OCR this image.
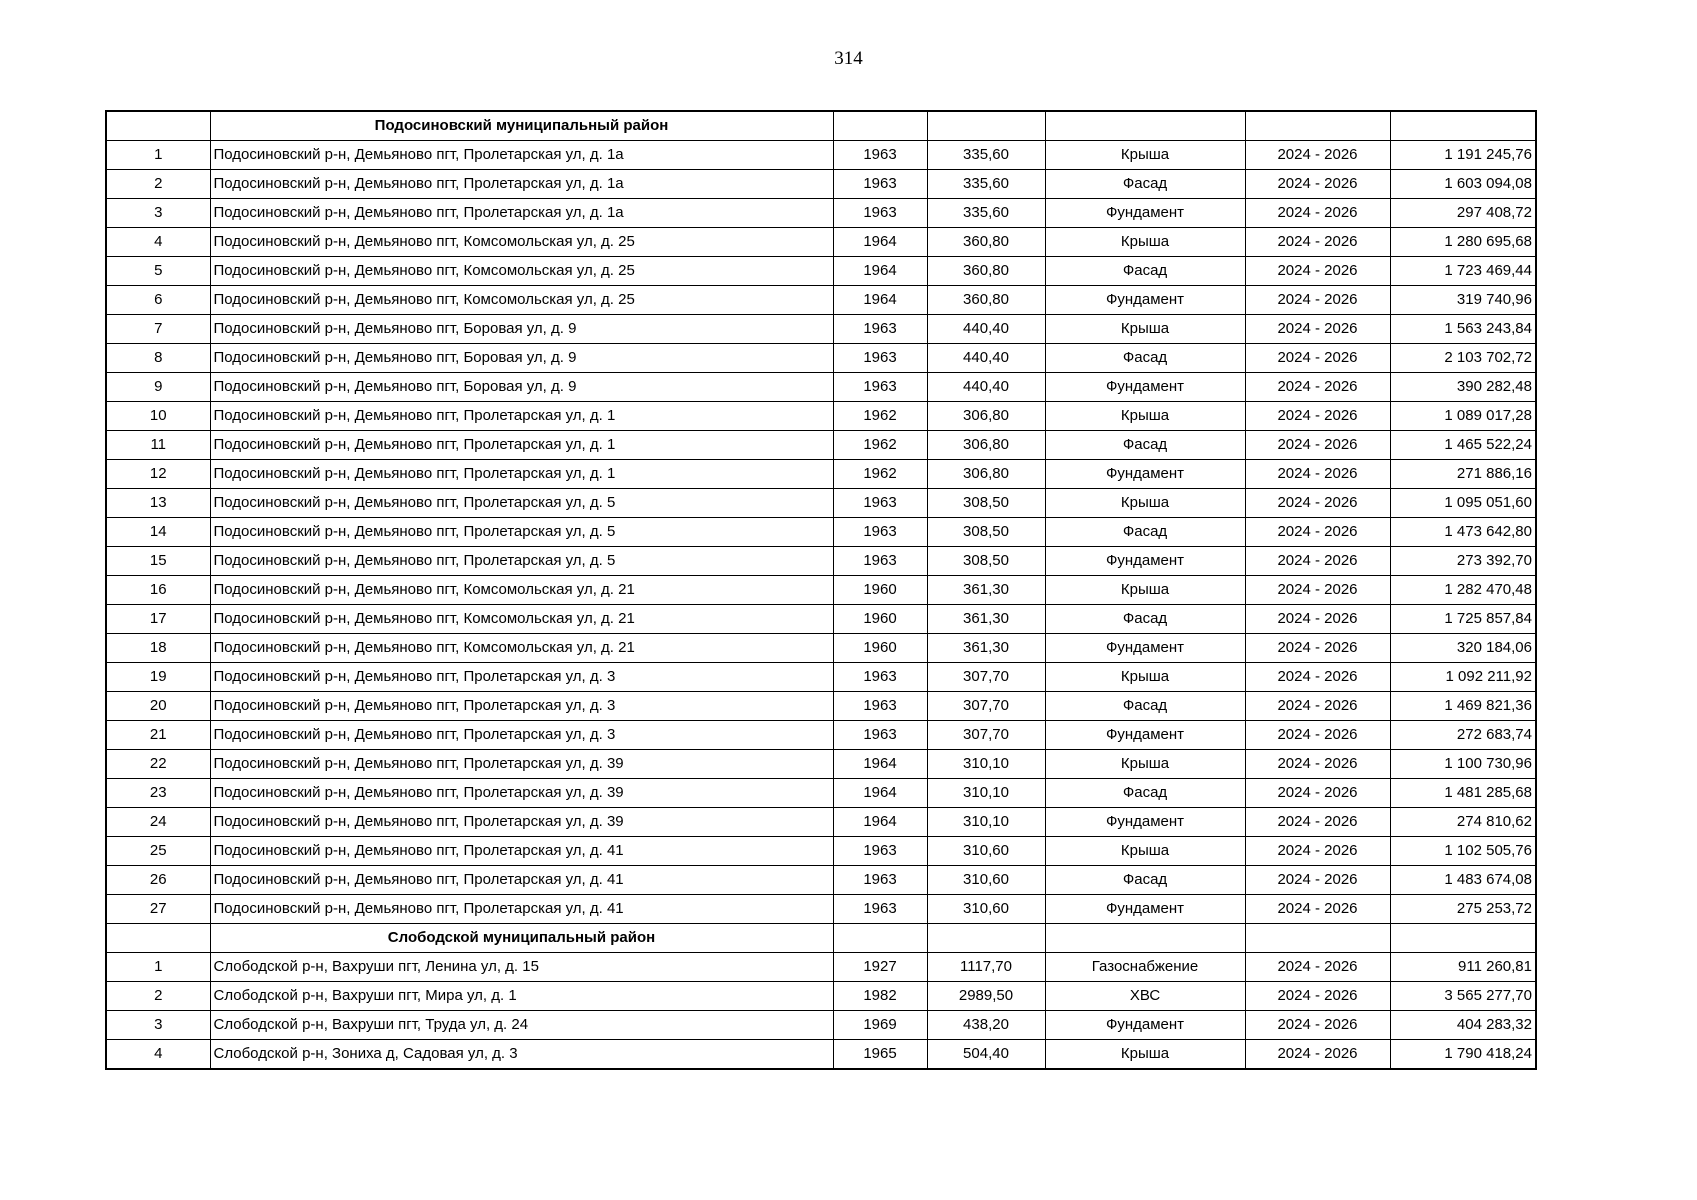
314
	Подосиновский муниципальный район					
1	Подосиновский р-н, Демьяново пгт, Пролетарская ул, д. 1а	1963	335,60	Крыша	2024 - 2026	1 191 245,76
2	Подосиновский р-н, Демьяново пгт, Пролетарская ул, д. 1а	1963	335,60	Фасад	2024 - 2026	1 603 094,08
3	Подосиновский р-н, Демьяново пгт, Пролетарская ул, д. 1а	1963	335,60	Фундамент	2024 - 2026	297 408,72
4	Подосиновский р-н, Демьяново пгт, Комсомольская ул, д. 25	1964	360,80	Крыша	2024 - 2026	1 280 695,68
5	Подосиновский р-н, Демьяново пгт, Комсомольская ул, д. 25	1964	360,80	Фасад	2024 - 2026	1 723 469,44
6	Подосиновский р-н, Демьяново пгт, Комсомольская ул, д. 25	1964	360,80	Фундамент	2024 - 2026	319 740,96
7	Подосиновский р-н, Демьяново пгт, Боровая ул, д. 9	1963	440,40	Крыша	2024 - 2026	1 563 243,84
8	Подосиновский р-н, Демьяново пгт, Боровая ул, д. 9	1963	440,40	Фасад	2024 - 2026	2 103 702,72
9	Подосиновский р-н, Демьяново пгт, Боровая ул, д. 9	1963	440,40	Фундамент	2024 - 2026	390 282,48
10	Подосиновский р-н, Демьяново пгт, Пролетарская ул, д. 1	1962	306,80	Крыша	2024 - 2026	1 089 017,28
11	Подосиновский р-н, Демьяново пгт, Пролетарская ул, д. 1	1962	306,80	Фасад	2024 - 2026	1 465 522,24
12	Подосиновский р-н, Демьяново пгт, Пролетарская ул, д. 1	1962	306,80	Фундамент	2024 - 2026	271 886,16
13	Подосиновский р-н, Демьяново пгт, Пролетарская ул, д. 5	1963	308,50	Крыша	2024 - 2026	1 095 051,60
14	Подосиновский р-н, Демьяново пгт, Пролетарская ул, д. 5	1963	308,50	Фасад	2024 - 2026	1 473 642,80
15	Подосиновский р-н, Демьяново пгт, Пролетарская ул, д. 5	1963	308,50	Фундамент	2024 - 2026	273 392,70
16	Подосиновский р-н, Демьяново пгт, Комсомольская ул, д. 21	1960	361,30	Крыша	2024 - 2026	1 282 470,48
17	Подосиновский р-н, Демьяново пгт, Комсомольская ул, д. 21	1960	361,30	Фасад	2024 - 2026	1 725 857,84
18	Подосиновский р-н, Демьяново пгт, Комсомольская ул, д. 21	1960	361,30	Фундамент	2024 - 2026	320 184,06
19	Подосиновский р-н, Демьяново пгт, Пролетарская ул, д. 3	1963	307,70	Крыша	2024 - 2026	1 092 211,92
20	Подосиновский р-н, Демьяново пгт, Пролетарская ул, д. 3	1963	307,70	Фасад	2024 - 2026	1 469 821,36
21	Подосиновский р-н, Демьяново пгт, Пролетарская ул, д. 3	1963	307,70	Фундамент	2024 - 2026	272 683,74
22	Подосиновский р-н, Демьяново пгт, Пролетарская ул, д. 39	1964	310,10	Крыша	2024 - 2026	1 100 730,96
23	Подосиновский р-н, Демьяново пгт, Пролетарская ул, д. 39	1964	310,10	Фасад	2024 - 2026	1 481 285,68
24	Подосиновский р-н, Демьяново пгт, Пролетарская ул, д. 39	1964	310,10	Фундамент	2024 - 2026	274 810,62
25	Подосиновский р-н, Демьяново пгт, Пролетарская ул, д. 41	1963	310,60	Крыша	2024 - 2026	1 102 505,76
26	Подосиновский р-н, Демьяново пгт, Пролетарская ул, д. 41	1963	310,60	Фасад	2024 - 2026	1 483 674,08
27	Подосиновский р-н, Демьяново пгт, Пролетарская ул, д. 41	1963	310,60	Фундамент	2024 - 2026	275 253,72
	Слободской муниципальный район					
1	Слободской р-н, Вахруши пгт, Ленина ул, д. 15	1927	1117,70	Газоснабжение	2024 - 2026	911 260,81
2	Слободской р-н, Вахруши пгт, Мира ул, д. 1	1982	2989,50	ХВС	2024 - 2026	3 565 277,70
3	Слободской р-н, Вахруши пгт, Труда ул, д. 24	1969	438,20	Фундамент	2024 - 2026	404 283,32
4	Слободской р-н, Зониха д, Садовая ул, д. 3	1965	504,40	Крыша	2024 - 2026	1 790 418,24
